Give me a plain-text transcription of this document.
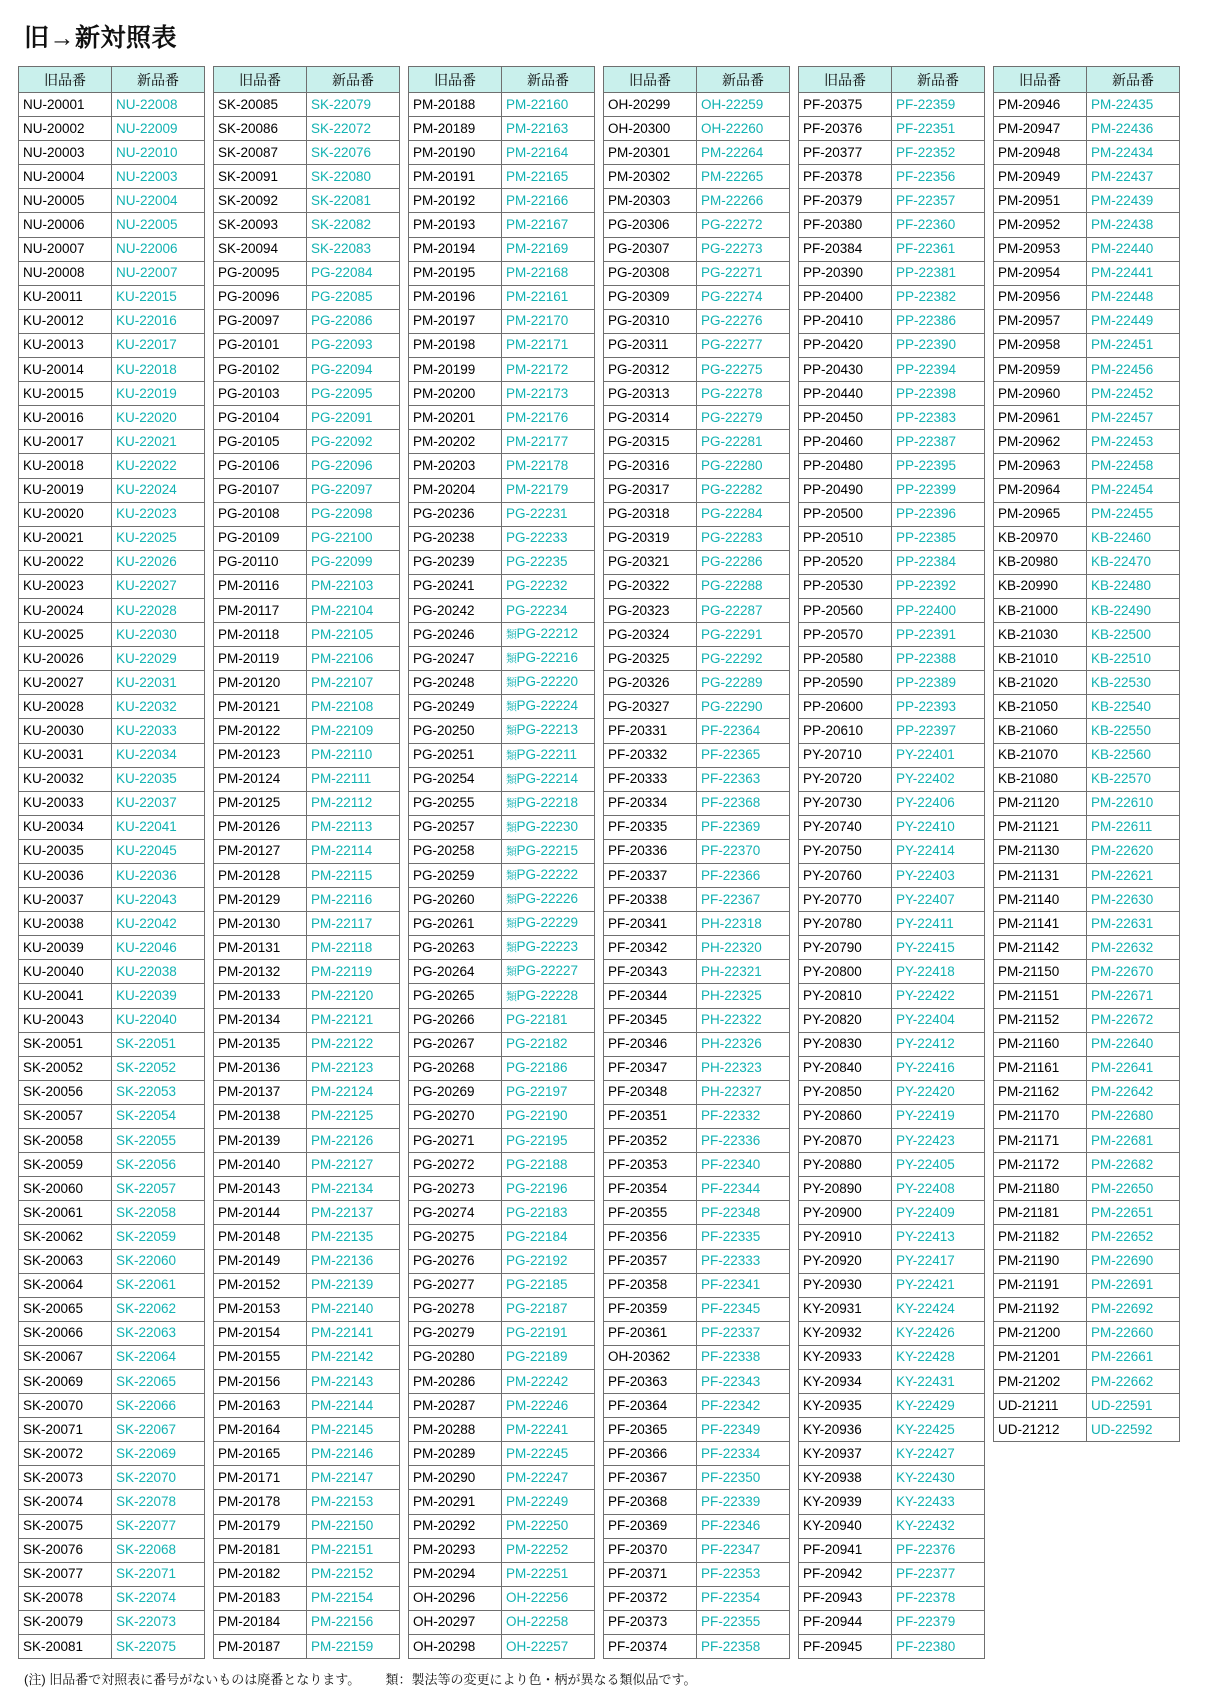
旧→新対照表
旧品番	新品番
NU-20001	NU-22008
NU-20002	NU-22009
NU-20003	NU-22010
NU-20004	NU-22003
NU-20005	NU-22004
NU-20006	NU-22005
NU-20007	NU-22006
NU-20008	NU-22007
KU-20011	KU-22015
KU-20012	KU-22016
KU-20013	KU-22017
KU-20014	KU-22018
KU-20015	KU-22019
KU-20016	KU-22020
KU-20017	KU-22021
KU-20018	KU-22022
KU-20019	KU-22024
KU-20020	KU-22023
KU-20021	KU-22025
KU-20022	KU-22026
KU-20023	KU-22027
KU-20024	KU-22028
KU-20025	KU-22030
KU-20026	KU-22029
KU-20027	KU-22031
KU-20028	KU-22032
KU-20030	KU-22033
KU-20031	KU-22034
KU-20032	KU-22035
KU-20033	KU-22037
KU-20034	KU-22041
KU-20035	KU-22045
KU-20036	KU-22036
KU-20037	KU-22043
KU-20038	KU-22042
KU-20039	KU-22046
KU-20040	KU-22038
KU-20041	KU-22039
KU-20043	KU-22040
SK-20051	SK-22051
SK-20052	SK-22052
SK-20056	SK-22053
SK-20057	SK-22054
SK-20058	SK-22055
SK-20059	SK-22056
SK-20060	SK-22057
SK-20061	SK-22058
SK-20062	SK-22059
SK-20063	SK-22060
SK-20064	SK-22061
SK-20065	SK-22062
SK-20066	SK-22063
SK-20067	SK-22064
SK-20069	SK-22065
SK-20070	SK-22066
SK-20071	SK-22067
SK-20072	SK-22069
SK-20073	SK-22070
SK-20074	SK-22078
SK-20075	SK-22077
SK-20076	SK-22068
SK-20077	SK-22071
SK-20078	SK-22074
SK-20079	SK-22073
SK-20081	SK-22075
旧品番	新品番
SK-20085	SK-22079
SK-20086	SK-22072
SK-20087	SK-22076
SK-20091	SK-22080
SK-20092	SK-22081
SK-20093	SK-22082
SK-20094	SK-22083
PG-20095	PG-22084
PG-20096	PG-22085
PG-20097	PG-22086
PG-20101	PG-22093
PG-20102	PG-22094
PG-20103	PG-22095
PG-20104	PG-22091
PG-20105	PG-22092
PG-20106	PG-22096
PG-20107	PG-22097
PG-20108	PG-22098
PG-20109	PG-22100
PG-20110	PG-22099
PM-20116	PM-22103
PM-20117	PM-22104
PM-20118	PM-22105
PM-20119	PM-22106
PM-20120	PM-22107
PM-20121	PM-22108
PM-20122	PM-22109
PM-20123	PM-22110
PM-20124	PM-22111
PM-20125	PM-22112
PM-20126	PM-22113
PM-20127	PM-22114
PM-20128	PM-22115
PM-20129	PM-22116
PM-20130	PM-22117
PM-20131	PM-22118
PM-20132	PM-22119
PM-20133	PM-22120
PM-20134	PM-22121
PM-20135	PM-22122
PM-20136	PM-22123
PM-20137	PM-22124
PM-20138	PM-22125
PM-20139	PM-22126
PM-20140	PM-22127
PM-20143	PM-22134
PM-20144	PM-22137
PM-20148	PM-22135
PM-20149	PM-22136
PM-20152	PM-22139
PM-20153	PM-22140
PM-20154	PM-22141
PM-20155	PM-22142
PM-20156	PM-22143
PM-20163	PM-22144
PM-20164	PM-22145
PM-20165	PM-22146
PM-20171	PM-22147
PM-20178	PM-22153
PM-20179	PM-22150
PM-20181	PM-22151
PM-20182	PM-22152
PM-20183	PM-22154
PM-20184	PM-22156
PM-20187	PM-22159
旧品番	新品番
PM-20188	PM-22160
PM-20189	PM-22163
PM-20190	PM-22164
PM-20191	PM-22165
PM-20192	PM-22166
PM-20193	PM-22167
PM-20194	PM-22169
PM-20195	PM-22168
PM-20196	PM-22161
PM-20197	PM-22170
PM-20198	PM-22171
PM-20199	PM-22172
PM-20200	PM-22173
PM-20201	PM-22176
PM-20202	PM-22177
PM-20203	PM-22178
PM-20204	PM-22179
PG-20236	PG-22231
PG-20238	PG-22233
PG-20239	PG-22235
PG-20241	PG-22232
PG-20242	PG-22234
PG-20246	類PG-22212
PG-20247	類PG-22216
PG-20248	類PG-22220
PG-20249	類PG-22224
PG-20250	類PG-22213
PG-20251	類PG-22211
PG-20254	類PG-22214
PG-20255	類PG-22218
PG-20257	類PG-22230
PG-20258	類PG-22215
PG-20259	類PG-22222
PG-20260	類PG-22226
PG-20261	類PG-22229
PG-20263	類PG-22223
PG-20264	類PG-22227
PG-20265	類PG-22228
PG-20266	PG-22181
PG-20267	PG-22182
PG-20268	PG-22186
PG-20269	PG-22197
PG-20270	PG-22190
PG-20271	PG-22195
PG-20272	PG-22188
PG-20273	PG-22196
PG-20274	PG-22183
PG-20275	PG-22184
PG-20276	PG-22192
PG-20277	PG-22185
PG-20278	PG-22187
PG-20279	PG-22191
PG-20280	PG-22189
PM-20286	PM-22242
PM-20287	PM-22246
PM-20288	PM-22241
PM-20289	PM-22245
PM-20290	PM-22247
PM-20291	PM-22249
PM-20292	PM-22250
PM-20293	PM-22252
PM-20294	PM-22251
OH-20296	OH-22256
OH-20297	OH-22258
OH-20298	OH-22257
旧品番	新品番
OH-20299	OH-22259
OH-20300	OH-22260
PM-20301	PM-22264
PM-20302	PM-22265
PM-20303	PM-22266
PG-20306	PG-22272
PG-20307	PG-22273
PG-20308	PG-22271
PG-20309	PG-22274
PG-20310	PG-22276
PG-20311	PG-22277
PG-20312	PG-22275
PG-20313	PG-22278
PG-20314	PG-22279
PG-20315	PG-22281
PG-20316	PG-22280
PG-20317	PG-22282
PG-20318	PG-22284
PG-20319	PG-22283
PG-20321	PG-22286
PG-20322	PG-22288
PG-20323	PG-22287
PG-20324	PG-22291
PG-20325	PG-22292
PG-20326	PG-22289
PG-20327	PG-22290
PF-20331	PF-22364
PF-20332	PF-22365
PF-20333	PF-22363
PF-20334	PF-22368
PF-20335	PF-22369
PF-20336	PF-22370
PF-20337	PF-22366
PF-20338	PF-22367
PF-20341	PH-22318
PF-20342	PH-22320
PF-20343	PH-22321
PF-20344	PH-22325
PF-20345	PH-22322
PF-20346	PH-22326
PF-20347	PH-22323
PF-20348	PH-22327
PF-20351	PF-22332
PF-20352	PF-22336
PF-20353	PF-22340
PF-20354	PF-22344
PF-20355	PF-22348
PF-20356	PF-22335
PF-20357	PF-22333
PF-20358	PF-22341
PF-20359	PF-22345
PF-20361	PF-22337
OH-20362	PF-22338
PF-20363	PF-22343
PF-20364	PF-22342
PF-20365	PF-22349
PF-20366	PF-22334
PF-20367	PF-22350
PF-20368	PF-22339
PF-20369	PF-22346
PF-20370	PF-22347
PF-20371	PF-22353
PF-20372	PF-22354
PF-20373	PF-22355
PF-20374	PF-22358
旧品番	新品番
PF-20375	PF-22359
PF-20376	PF-22351
PF-20377	PF-22352
PF-20378	PF-22356
PF-20379	PF-22357
PF-20380	PF-22360
PF-20384	PF-22361
PP-20390	PP-22381
PP-20400	PP-22382
PP-20410	PP-22386
PP-20420	PP-22390
PP-20430	PP-22394
PP-20440	PP-22398
PP-20450	PP-22383
PP-20460	PP-22387
PP-20480	PP-22395
PP-20490	PP-22399
PP-20500	PP-22396
PP-20510	PP-22385
PP-20520	PP-22384
PP-20530	PP-22392
PP-20560	PP-22400
PP-20570	PP-22391
PP-20580	PP-22388
PP-20590	PP-22389
PP-20600	PP-22393
PP-20610	PP-22397
PY-20710	PY-22401
PY-20720	PY-22402
PY-20730	PY-22406
PY-20740	PY-22410
PY-20750	PY-22414
PY-20760	PY-22403
PY-20770	PY-22407
PY-20780	PY-22411
PY-20790	PY-22415
PY-20800	PY-22418
PY-20810	PY-22422
PY-20820	PY-22404
PY-20830	PY-22412
PY-20840	PY-22416
PY-20850	PY-22420
PY-20860	PY-22419
PY-20870	PY-22423
PY-20880	PY-22405
PY-20890	PY-22408
PY-20900	PY-22409
PY-20910	PY-22413
PY-20920	PY-22417
PY-20930	PY-22421
KY-20931	KY-22424
KY-20932	KY-22426
KY-20933	KY-22428
KY-20934	KY-22431
KY-20935	KY-22429
KY-20936	KY-22425
KY-20937	KY-22427
KY-20938	KY-22430
KY-20939	KY-22433
KY-20940	KY-22432
PF-20941	PF-22376
PF-20942	PF-22377
PF-20943	PF-22378
PF-20944	PF-22379
PF-20945	PF-22380
旧品番	新品番
PM-20946	PM-22435
PM-20947	PM-22436
PM-20948	PM-22434
PM-20949	PM-22437
PM-20951	PM-22439
PM-20952	PM-22438
PM-20953	PM-22440
PM-20954	PM-22441
PM-20956	PM-22448
PM-20957	PM-22449
PM-20958	PM-22451
PM-20959	PM-22456
PM-20960	PM-22452
PM-20961	PM-22457
PM-20962	PM-22453
PM-20963	PM-22458
PM-20964	PM-22454
PM-20965	PM-22455
KB-20970	KB-22460
KB-20980	KB-22470
KB-20990	KB-22480
KB-21000	KB-22490
KB-21030	KB-22500
KB-21010	KB-22510
KB-21020	KB-22530
KB-21050	KB-22540
KB-21060	KB-22550
KB-21070	KB-22560
KB-21080	KB-22570
PM-21120	PM-22610
PM-21121	PM-22611
PM-21130	PM-22620
PM-21131	PM-22621
PM-21140	PM-22630
PM-21141	PM-22631
PM-21142	PM-22632
PM-21150	PM-22670
PM-21151	PM-22671
PM-21152	PM-22672
PM-21160	PM-22640
PM-21161	PM-22641
PM-21162	PM-22642
PM-21170	PM-22680
PM-21171	PM-22681
PM-21172	PM-22682
PM-21180	PM-22650
PM-21181	PM-22651
PM-21182	PM-22652
PM-21190	PM-22690
PM-21191	PM-22691
PM-21192	PM-22692
PM-21200	PM-22660
PM-21201	PM-22661
PM-21202	PM-22662
UD-21211	UD-22591
UD-21212	UD-22592
(注) 旧品番で対照表に番号がないものは廃番となります。 類：製法等の変更により色・柄が異なる類似品です。
